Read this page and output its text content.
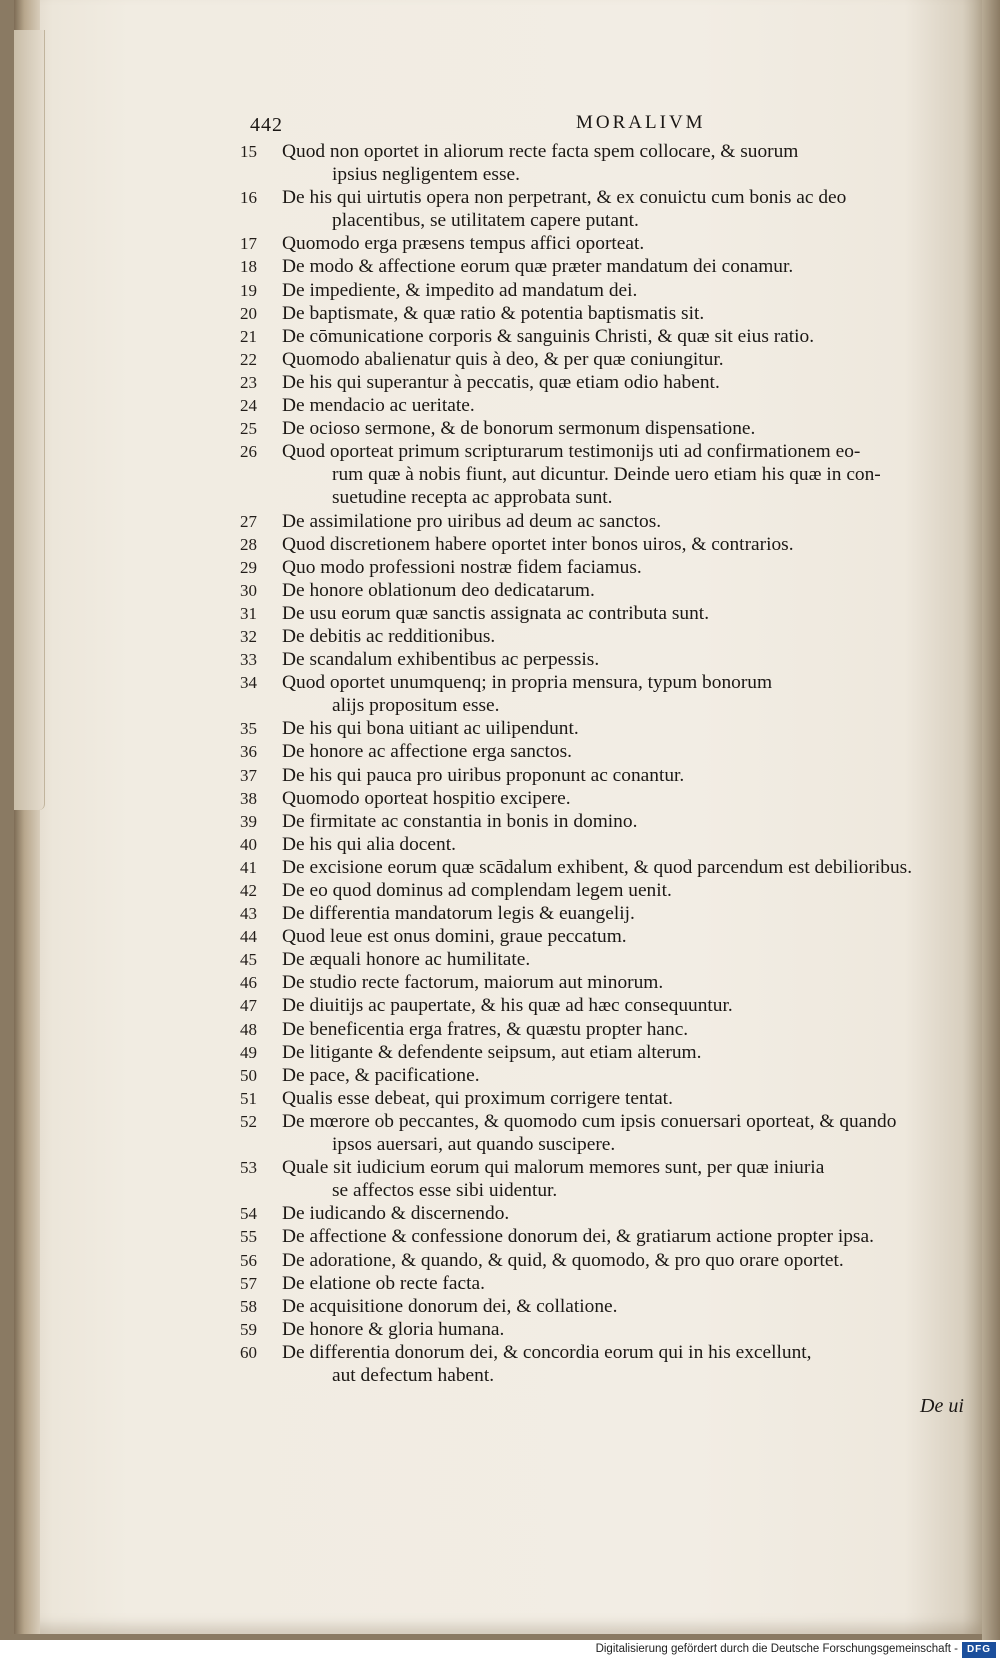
442	MORALIVM
15	Quod non oportet in aliorum recte facta spem collocare, & suorum
ipsius negligentem esse.
16	De his qui uirtutis opera non perpetrant, & ex conuictu cum bonis ac deo
placentibus, se utilitatem capere putant.
17	Quomodo erga præsens tempus affici oporteat.
18	De modo & affectione eorum quæ præter mandatum dei conamur.
19	De impediente, & impedito ad mandatum dei.
20	De baptismate, & quæ ratio & potentia baptismatis sit.
21	De cōmunicatione corporis & sanguinis Christi, & quæ sit eius ratio.
22	Quomodo abalienatur quis à deo, & per quæ coniungitur.
23	De his qui superantur à peccatis, quæ etiam odio habent.
24	De mendacio ac ueritate.
25	De ocioso sermone, & de bonorum sermonum dispensatione.
26	Quod oporteat primum scripturarum testimonijs uti ad confirmationem eo-
rum quæ à nobis fiunt, aut dicuntur. Deinde uero etiam his quæ in con-
suetudine recepta ac approbata sunt.
27	De assimilatione pro uiribus ad deum ac sanctos.
28	Quod discretionem habere oportet inter bonos uiros, & contrarios.
29	Quo modo professioni nostræ fidem faciamus.
30	De honore oblationum deo dedicatarum.
31	De usu eorum quæ sanctis assignata ac contributa sunt.
32	De debitis ac redditionibus.
33	De scandalum exhibentibus ac perpessis.
34	Quod oportet unumquenq; in propria mensura, typum bonorum
alijs propositum esse.
35	De his qui bona uitiant ac uilipendunt.
36	De honore ac affectione erga sanctos.
37	De his qui pauca pro uiribus proponunt ac conantur.
38	Quomodo oporteat hospitio excipere.
39	De firmitate ac constantia in bonis in domino.
40	De his qui alia docent.
41	De excisione eorum quæ scādalum exhibent, & quod parcendum est debilioribus.
42	De eo quod dominus ad complendam legem uenit.
43	De differentia mandatorum legis & euangelij.
44	Quod leue est onus domini, graue peccatum.
45	De æquali honore ac humilitate.
46	De studio recte factorum, maiorum aut minorum.
47	De diuitijs ac paupertate, & his quæ ad hæc consequuntur.
48	De beneficentia erga fratres, & quæstu propter hanc.
49	De litigante & defendente seipsum, aut etiam alterum.
50	De pace, & pacificatione.
51	Qualis esse debeat, qui proximum corrigere tentat.
52	De mœrore ob peccantes, & quomodo cum ipsis conuersari oporteat, & quando
ipsos auersari, aut quando suscipere.
53	Quale sit iudicium eorum qui malorum memores sunt, per quæ iniuria
se affectos esse sibi uidentur.
54	De iudicando & discernendo.
55	De affectione & confessione donorum dei, & gratiarum actione propter ipsa.
56	De adoratione, & quando, & quid, & quomodo, & pro quo orare oportet.
57	De elatione ob recte facta.
58	De acquisitione donorum dei, & collatione.
59	De honore & gloria humana.
60	De differentia donorum dei, & concordia eorum qui in his excellunt,
aut defectum habent.
De ui
Digitalisierung gefördert durch die Deutsche Forschungsgemeinschaft - DFG
